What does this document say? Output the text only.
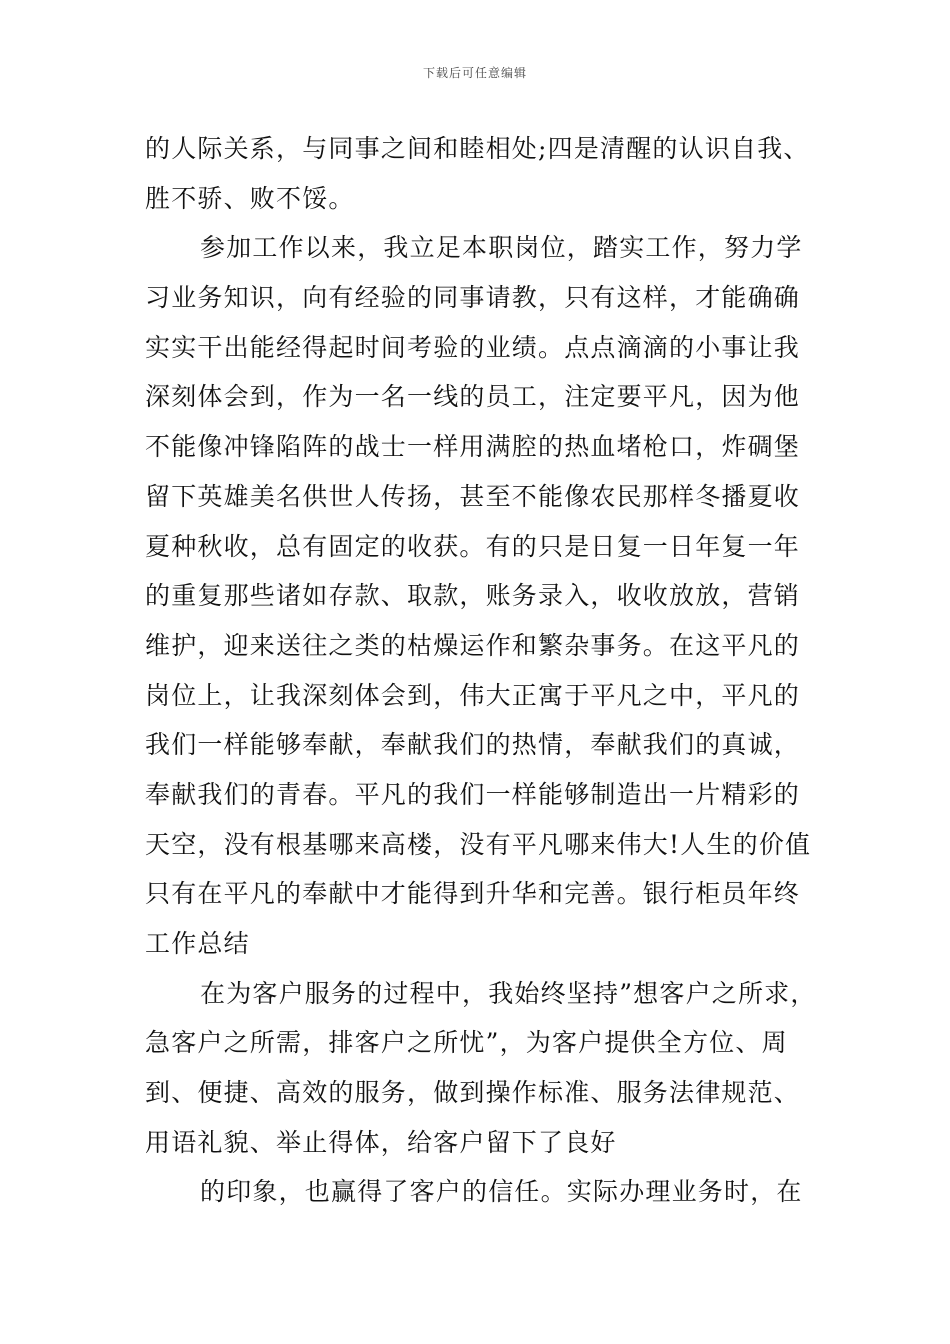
下载后可任意编辑
的人际关系，与同事之间和睦相处;四是清醒的认识自我、
胜不骄、败不馁。
参加工作以来，我立足本职岗位，踏实工作，努力学
习业务知识，向有经验的同事请教，只有这样，才能确确
实实干出能经得起时间考验的业绩。点点滴滴的小事让我
深刻体会到，作为一名一线的员工，注定要平凡，因为他
不能像冲锋陷阵的战士一样用满腔的热血堵枪口，炸碉堡
留下英雄美名供世人传扬，甚至不能像农民那样冬播夏收
夏种秋收，总有固定的收获。有的只是日复一日年复一年
的重复那些诸如存款、取款，账务录入，收收放放，营销
维护，迎来送往之类的枯燥运作和繁杂事务。在这平凡的
岗位上，让我深刻体会到，伟大正寓于平凡之中，平凡的
我们一样能够奉献，奉献我们的热情，奉献我们的真诚，
奉献我们的青春。平凡的我们一样能够制造出一片精彩的
天空，没有根基哪来高楼，没有平凡哪来伟大!人生的价值
只有在平凡的奉献中才能得到升华和完善。银行柜员年终
工作总结
在为客户服务的过程中，我始终坚持”想客户之所求，
急客户之所需，排客户之所忧”，为客户提供全方位、周
到、便捷、高效的服务，做到操作标准、服务法律规范、
用语礼貌、举止得体，给客户留下了良好
的印象，也赢得了客户的信任。实际办理业务时，在
